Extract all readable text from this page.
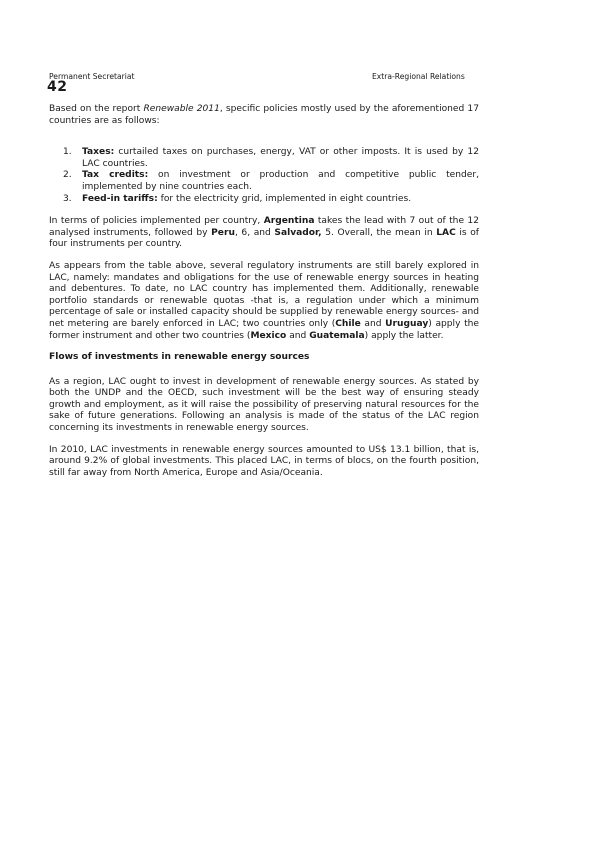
Permanent Secretariat	Extra-Regional Relations
42

Based on the report Renewable 2011, specific policies mostly used by the aforementioned 17 countries are as follows:

1. Taxes: curtailed taxes on purchases, energy, VAT or other imposts. It is used by 12 LAC countries.
2. Tax credits: on investment or production and competitive public tender, implemented by nine countries each.
3. Feed-in tariffs: for the electricity grid, implemented in eight countries.

In terms of policies implemented per country, Argentina takes the lead with 7 out of the 12 analysed instruments, followed by Peru, 6, and Salvador, 5. Overall, the mean in LAC is of four instruments per country.

As appears from the table above, several regulatory instruments are still barely explored in LAC, namely: mandates and obligations for the use of renewable energy sources in heating and debentures. To date, no LAC country has implemented them. Additionally, renewable portfolio standards or renewable quotas -that is, a regulation under which a minimum percentage of sale or installed capacity should be supplied by renewable energy sources- and net metering are barely enforced in LAC; two countries only (Chile and Uruguay) apply the former instrument and other two countries (Mexico and Guatemala) apply the latter.

Flows of investments in renewable energy sources

As a region, LAC ought to invest in development of renewable energy sources. As stated by both the UNDP and the OECD, such investment will be the best way of ensuring steady growth and employment, as it will raise the possibility of preserving natural resources for the sake of future generations. Following an analysis is made of the status of the LAC region concerning its investments in renewable energy sources.

In 2010, LAC investments in renewable energy sources amounted to US$ 13.1 billion, that is, around 9.2% of global investments. This placed LAC, in terms of blocs, on the fourth position, still far away from North America, Europe and Asia/Oceania.
